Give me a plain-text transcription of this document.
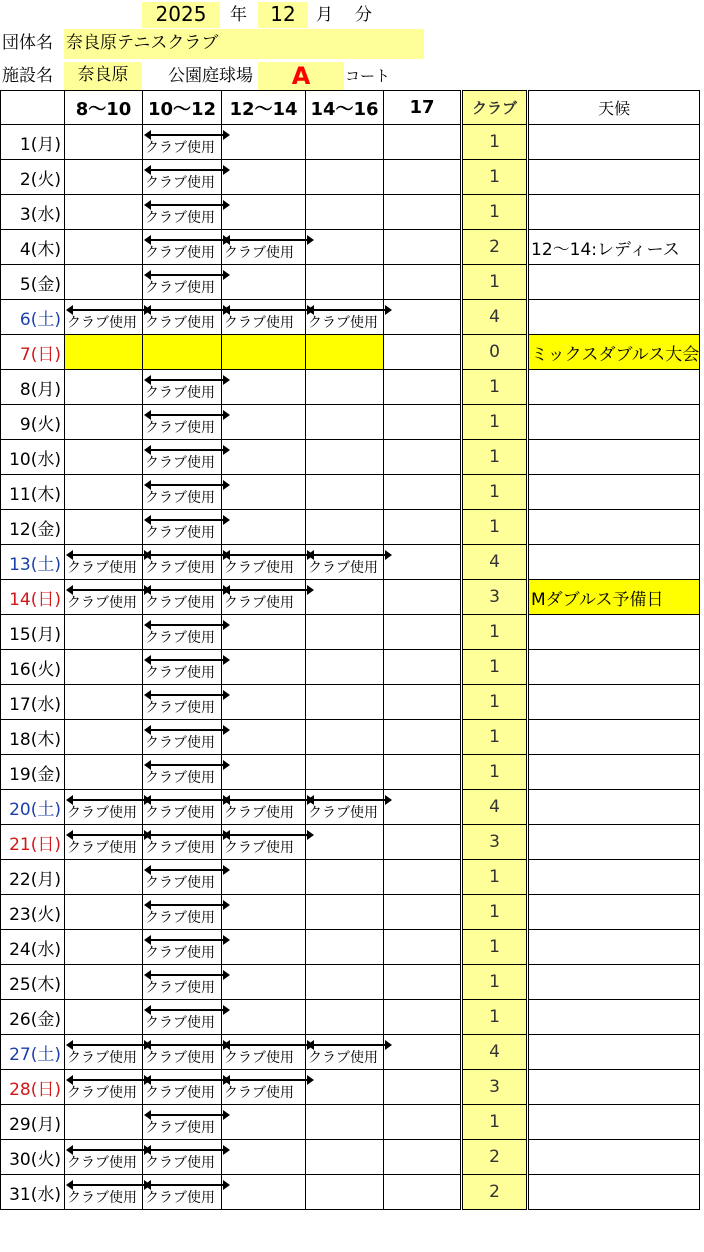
2025	年	12	月 分
団体名 奈良原テニスクラブ
施設名	奈良原	公園庭球場	A	コート
	8～10	10～12	12～14	14～16	17	クラブ	天候
1(月)		クラブ使用				1	
2(火)		クラブ使用				1	
3(水)		クラブ使用				1	
4(木)		クラブ使用	クラブ使用			2	12～14:レディース
5(金)		クラブ使用				1	
6(土)	クラブ使用	クラブ使用	クラブ使用	クラブ使用		4	
7(日)						0	ミックスダブルス大会
8(月)		クラブ使用				1	
9(火)		クラブ使用				1	
10(水)		クラブ使用				1	
11(木)		クラブ使用				1	
12(金)		クラブ使用				1	
13(土)	クラブ使用	クラブ使用	クラブ使用	クラブ使用		4	
14(日)	クラブ使用	クラブ使用	クラブ使用			3	Mダブルス予備日
15(月)		クラブ使用				1	
16(火)		クラブ使用				1	
17(水)		クラブ使用				1	
18(木)		クラブ使用				1	
19(金)		クラブ使用				1	
20(土)	クラブ使用	クラブ使用	クラブ使用	クラブ使用		4	
21(日)	クラブ使用	クラブ使用	クラブ使用			3	
22(月)		クラブ使用				1	
23(火)		クラブ使用				1	
24(水)		クラブ使用				1	
25(木)		クラブ使用				1	
26(金)		クラブ使用				1	
27(土)	クラブ使用	クラブ使用	クラブ使用	クラブ使用		4	
28(日)	クラブ使用	クラブ使用	クラブ使用			3	
29(月)		クラブ使用				1	
30(火)	クラブ使用	クラブ使用				2	
31(水)	クラブ使用	クラブ使用				2	
